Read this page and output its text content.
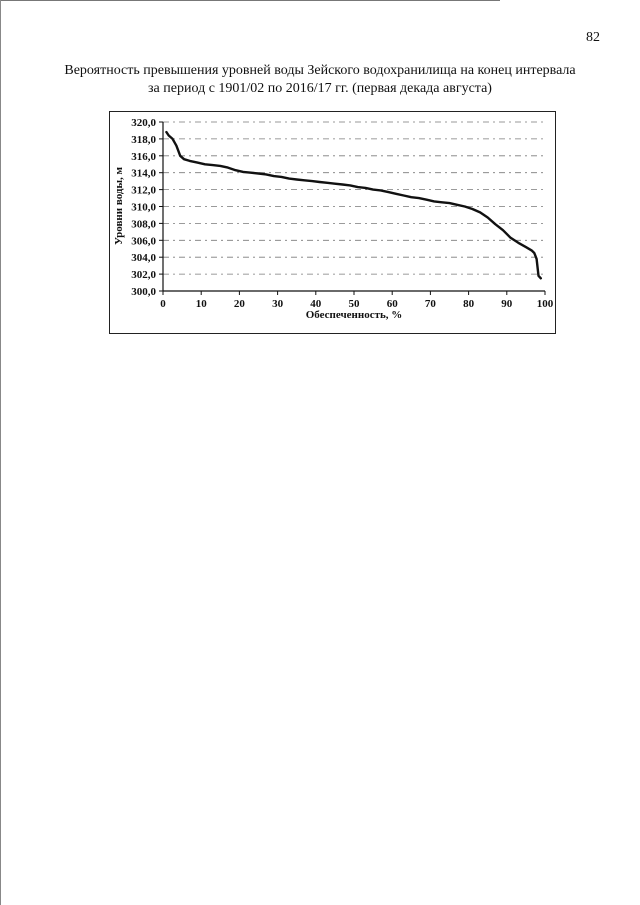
82
Вероятность превышения уровней воды Зейского водохранилища на конец интервала
за период с 1901/02 по 2016/17 гг. (первая декада августа)
300,0
302,0
304,0
306,0
308,0
310,0
312,0
314,0
316,0
318,0
320,0
0	10 20 30 40 50 60 70 80 90 100
Обеспеченность, %
Уровни воды, м
